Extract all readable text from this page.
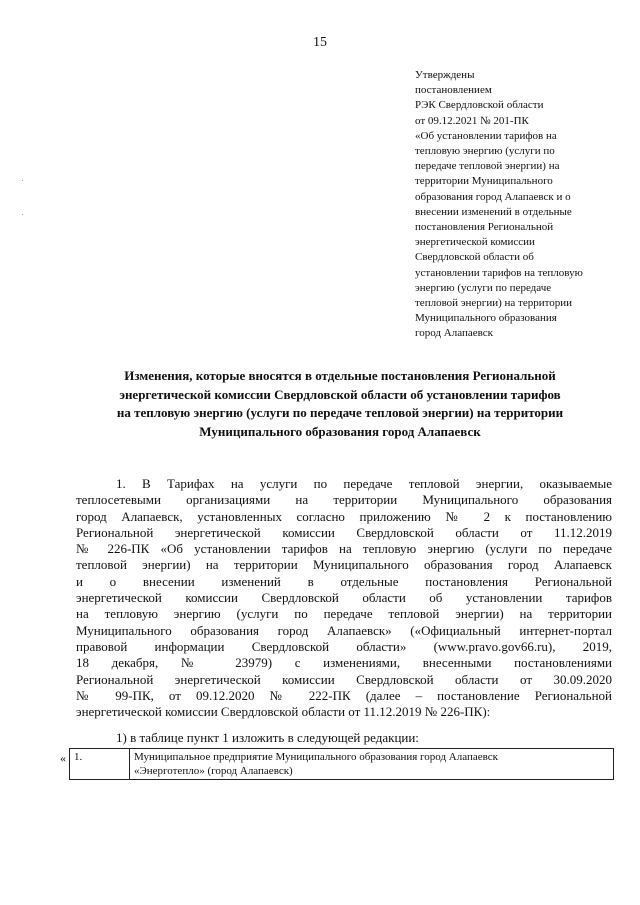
15
Утверждены
постановлением
РЭК Свердловской области
от 09.12.2021 № 201-ПК
«Об установлении тарифов на
тепловую энергию (услуги по
передаче тепловой энергии) на
территории Муниципального
образования город Алапаевск и о
внесении изменений в отдельные
постановления Региональной
энергетической комиссии
Свердловской области об
установлении тарифов на тепловую
энергию (услуги по передаче
тепловой энергии) на территории
Муниципального образования
город Алапаевск
Изменения, которые вносятся в отдельные постановления Региональной
энергетической комиссии Свердловской области об установлении тарифов
на тепловую энергию (услуги по передаче тепловой энергии) на территории
Муниципального образования город Алапаевск
1. В Тарифах на услуги по передаче тепловой энергии, оказываемые
теплосетевыми организациями на территории Муниципального образования
город Алапаевск, установленных согласно приложению № 2 к постановлению
Региональной энергетической комиссии Свердловской области от 11.12.2019
№ 226-ПК «Об установлении тарифов на тепловую энергию (услуги по передаче
тепловой энергии) на территории Муниципального образования город Алапаевск
и о внесении изменений в отдельные постановления Региональной
энергетической комиссии Свердловской области об установлении тарифов
на тепловую энергию (услуги по передаче тепловой энергии) на территории
Муниципального образования город Алапаевск» («Официальный интернет-портал
правовой информации Свердловской области» (www.pravo.gov66.ru), 2019,
18 декабря, № 23979) с изменениями, внесенными постановлениями
Региональной энергетической комиссии Свердловской области от 30.09.2020
№ 99-ПК, от 09.12.2020 № 222-ПК (далее – постановление Региональной
энергетической комиссии Свердловской области от 11.12.2019 № 226-ПК):
1) в таблице пункт 1 изложить в следующей редакции:
« 1.	Муниципальное предприятие Муниципального образования город Алапаевск
«Энерготепло» (город Алапаевск)
